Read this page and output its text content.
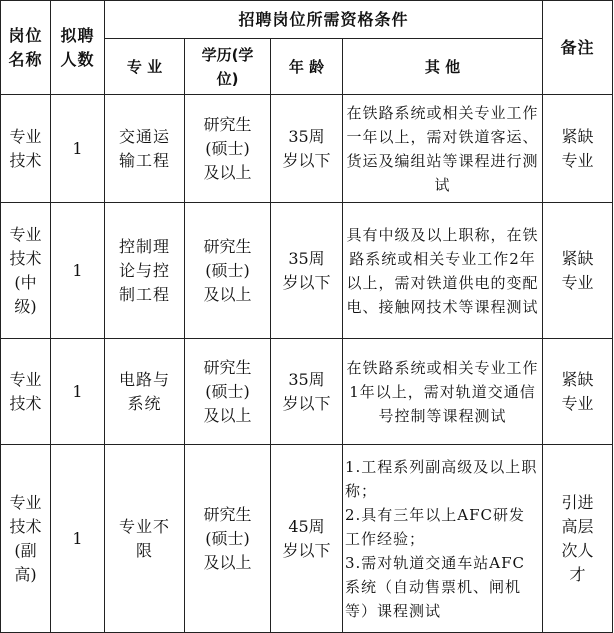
岗位名称	拟聘人数	招聘岗位所需资格条件				备注
		专 业	学历(学位)	年 龄	其 他	
专业技术	1	交通运输工程	研究生(硕士)及以上	35周岁以下	在铁路系统或相关专业工作一年以上，需对铁道客运、货运及编组站等课程进行测试	紧缺专业
专业技术(中级)	1	控制理论与控制工程	研究生(硕士)及以上	35周岁以下	具有中级及以上职称，在铁路系统或相关专业工作2年以上，需对铁道供电的变配电、接触网技术等课程测试	紧缺专业
专业技术	1	电路与系统	研究生(硕士)及以上	35周岁以下	在铁路系统或相关专业工作1年以上，需对轨道交通信号控制等课程测试	紧缺专业
专业技术(副高)	1	专业不限	研究生(硕士)及以上	45周岁以下	1.工程系列副高级及以上职称；
2.具有三年以上AFC研发工作经验；
3.需对轨道交通车站AFC系统（自动售票机、闸机等）课程测试	引进高层次人才
